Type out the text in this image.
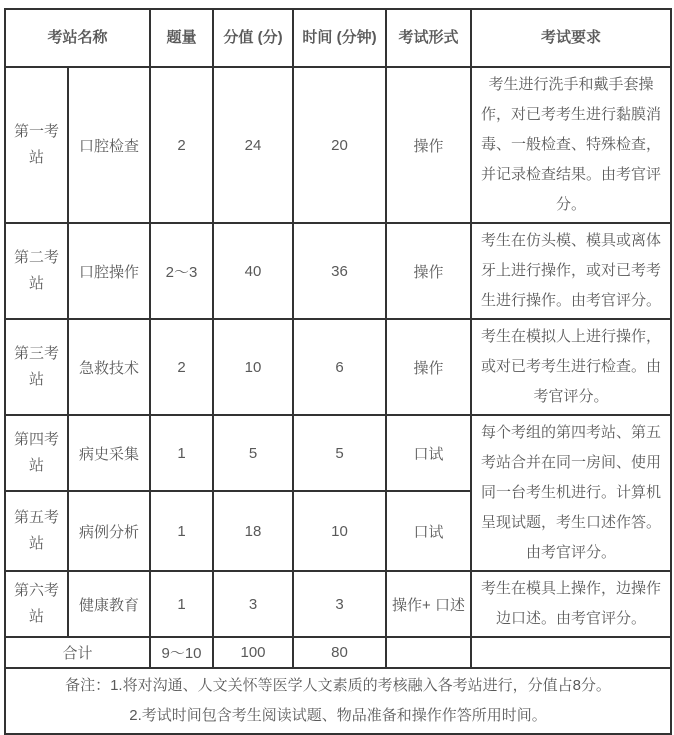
考站名称		题量	分值 (分)	时间 (分钟)	考试形式	考试要求
第一考站	口腔检查	2	24	20	操作	考生进行洗手和戴手套操作，对已考考生进行黏膜消毒、一般检查、特殊检查，并记录检查结果。由考官评分。
第二考站	口腔操作	2～3	40	36	操作	考生在仿头模、模具或离体牙上进行操作，或对已考考生进行操作。由考官评分。
第三考站	急救技术	2	10	6	操作	考生在模拟人上进行操作，或对已考考生进行检查。由考官评分。
第四考站	病史采集	1	5	5	口试	每个考组的第四考站、第五考站合并在同一房间、使用同一台考生机进行。计算机呈现试题，考生口述作答。由考官评分。
第五考站	病例分析	1	18	10	口试	
第六考站	健康教育	1	3	3	操作+ 口述	考生在模具上操作，边操作边口述。由考官评分。
合计		9～10	100	80		

备注：1.将对沟通、人文关怀等医学人文素质的考核融入各考站进行，分值占8分。
2.考试时间包含考生阅读试题、物品准备和操作作答所用时间。						
